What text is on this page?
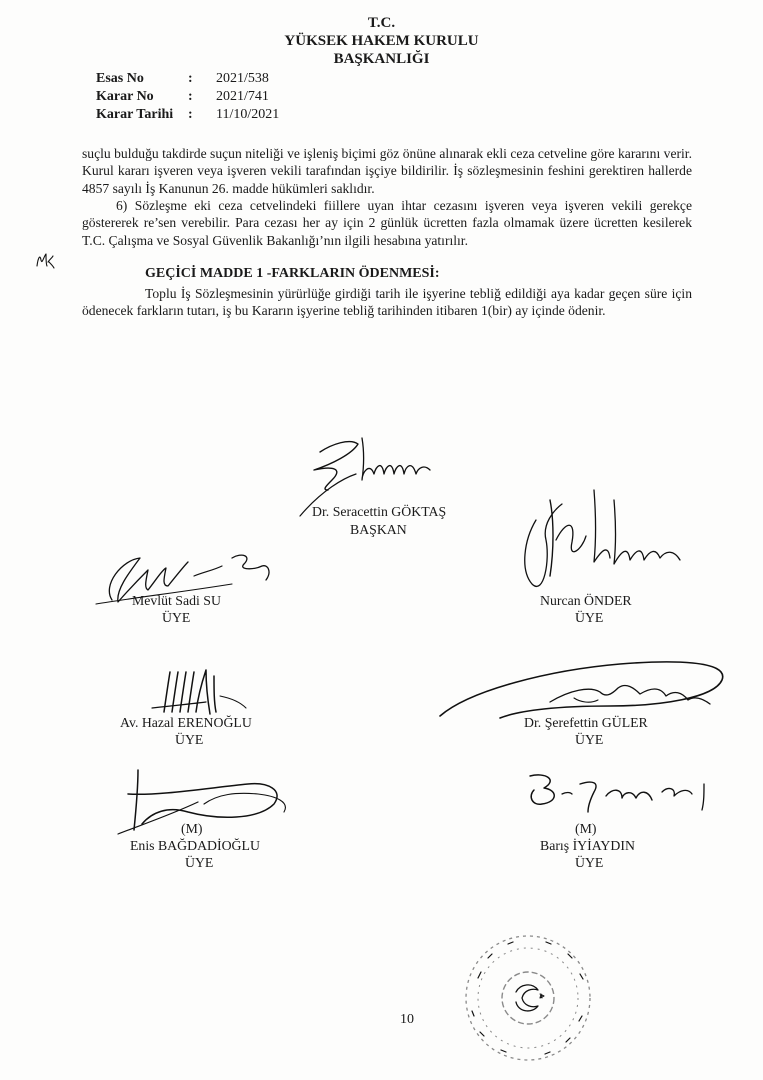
T.C.
YÜKSEK HAKEM KURULU
BAŞKANLIĞI
Esas No	: 2021/538
Karar No : 2021/741
Karar Tarihi : 11/10/2021
suçlu bulduğu takdirde suçun niteliği ve işleniş biçimi göz önüne alınarak ekli ceza cetveline göre kararını verir. Kurul kararı işveren veya işveren vekili tarafından işçiye bildirilir. İş sözleşmesinin feshini gerektiren hallerde 4857 sayılı İş Kanunun 26. madde hükümleri saklıdır.
6) Sözleşme eki ceza cetvelindeki fiillere uyan ihtar cezasını işveren veya işveren vekili gerekçe göstererek re’sen verebilir. Para cezası her ay için 2 günlük ücretten fazla olmamak üzere ücretten kesilerek T.C. Çalışma ve Sosyal Güvenlik Bakanlığı’nın ilgili hesabına yatırılır.
GEÇİCİ MADDE 1 -FARKLARIN ÖDENMESİ:
Toplu İş Sözleşmesinin yürürlüğe girdiği tarih ile işyerine tebliğ edildiği aya kadar geçen süre için ödenecek farkların tutarı, iş bu Kararın işyerine tebliğ tarihinden itibaren 1(bir) ay içinde ödenir.
Dr. Seracettin GÖKTAŞ
BAŞKAN
Mevlüt Sadi SU
ÜYE
Nurcan ÖNDER
ÜYE
Av. Hazal ERENOĞLU
ÜYE
Dr. Şerefettin GÜLER
ÜYE
(M)
Enis BAĞDADİOĞLU
ÜYE
(M)
Barış İYİAYDIN
ÜYE
10
